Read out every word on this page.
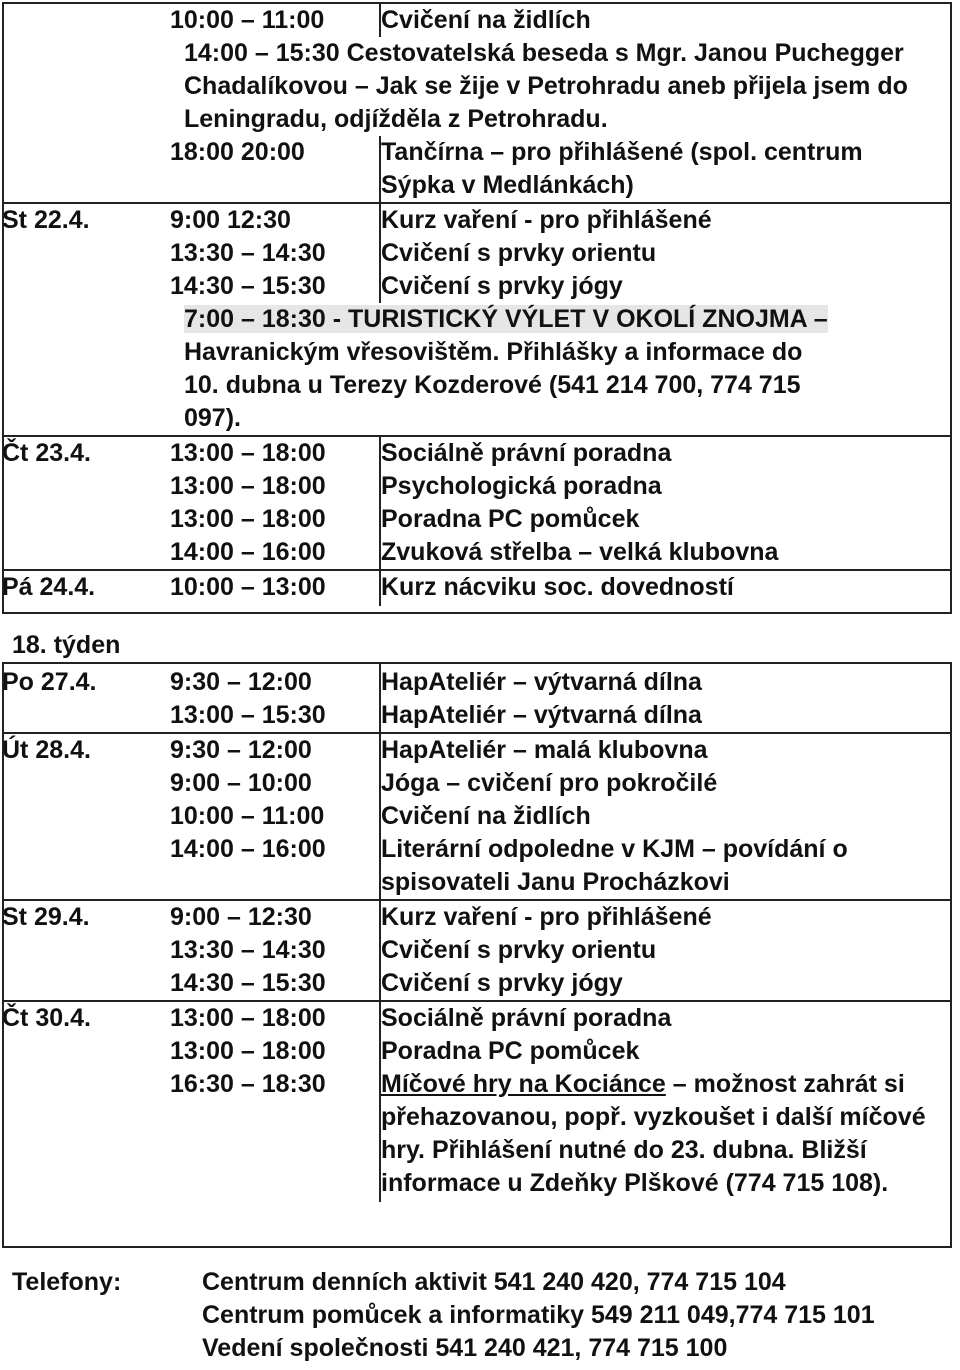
	10:00 – 11:00	Cvičení na židlích

	14:00 – 15:30 Cestovatelská beseda s Mgr. Janou Puchegger Chadalíkovou – Jak se žije v Petrohradu aneb přijela jsem do Leningradu, odjížděla z Petrohradu.	

	18:00 20:00	Tančírna – pro přihlášené (spol. centrum Sýpka v Medlánkách)

St 22.4.	9:00 12:30	Kurz vaření - pro přihlášené
	13:30 – 14:30	Cvičení s prvky orientu
	14:30 – 15:30	Cvičení s prvky jógy

	7:00 – 18:30 - TURISTICKÝ VÝLET V OKOLÍ ZNOJMA –
Havranickým vřesovištěm. Přihlášky a informace do 10. dubna u Terezy Kozderové (541 214 700, 774 715 097).	

Čt 23.4.	13:00 – 18:00	Sociálně právní poradna
	13:00 – 18:00	Psychologická poradna
	13:00 – 18:00	Poradna PC pomůcek
	14:00 – 16:00	Zvuková střelba – velká klubovna
Pá 24.4.	10:00 – 13:00	Kurz nácviku soc. dovedností
18. týden
Po 27.4.	9:30 – 12:00	HapAteliér – výtvarná dílna
	13:00 – 15:30	HapAteliér – výtvarná dílna
Út 28.4.	9:30 – 12:00	HapAteliér – malá klubovna
	9:00 – 10:00	Jóga – cvičení pro pokročilé
	10:00 – 11:00	Cvičení na židlích
	14:00 – 16:00	Literární odpoledne v KJM – povídání o spisovateli Janu Procházkovi

St 29.4.	9:00 – 12:30	Kurz vaření - pro přihlášené
	13:30 – 14:30	Cvičení s prvky orientu
	14:30 – 15:30	Cvičení s prvky jógy
Čt 30.4.	13:00 – 18:00	Sociálně právní poradna
	13:00 – 18:00	Poradna PC pomůcek
	16:30 – 18:30	Míčové hry na Kociánce – možnost zahrát si přehazovanou, popř. vyzkoušet i další míčové hry. Přihlášení nutné do 23. dubna. Bližší informace u Zdeňky Plškové (774 715 108).
Telefony:	Centrum denních aktivit 541 240 420, 774 715 104
Centrum pomůcek a informatiky 549 211 049,774 715 101
Vedení společnosti 541 240 421, 774 715 100
